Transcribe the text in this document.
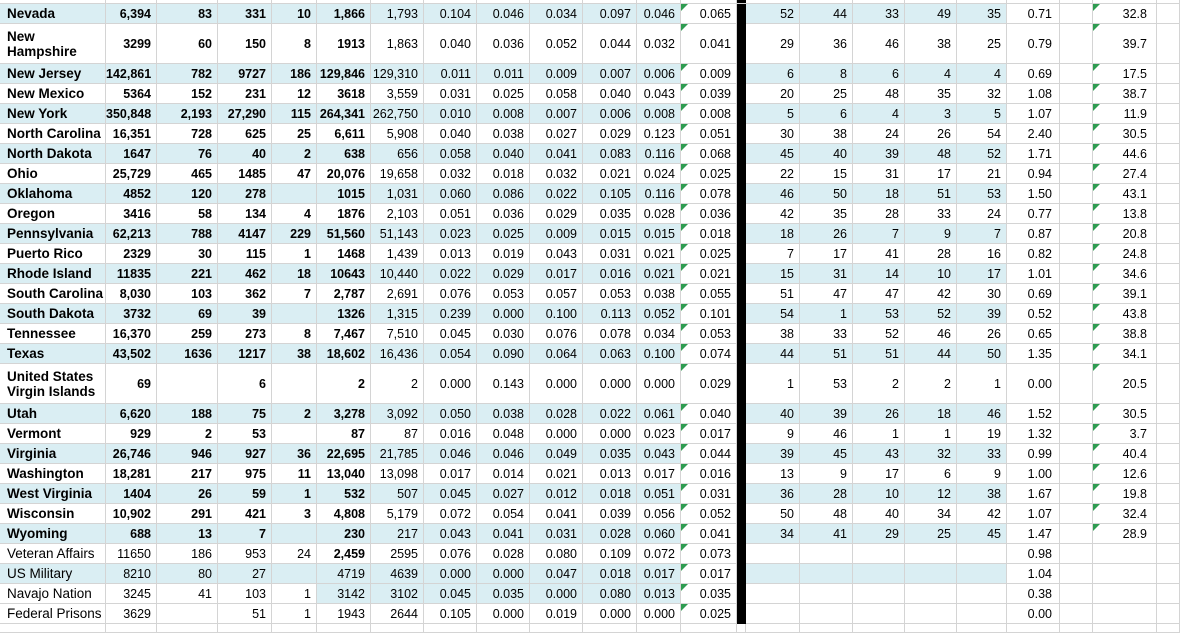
Nevada	6,394	83	331	10	1,866	1,793	0.104	0.046	0.034	0.097	0.046	0.065		52	44	33	49	35	0.71		32.8

New Hampshire	3299	60	150	8	1913	1,863	0.040	0.036	0.052	0.044	0.032	0.041		29	36	46	38	25	0.79		39.7

New Jersey	142,861	782	9727	186	129,846	129,310	0.011	0.011	0.009	0.007	0.006	0.009		6	8	6	4	4	0.69		17.5

New Mexico	5364	152	231	12	3618	3,559	0.031	0.025	0.058	0.040	0.043	0.039		20	25	48	35	32	1.08		38.7

New York	350,848	2,193	27,290	115	264,341	262,750	0.010	0.008	0.007	0.006	0.008	0.008		5	6	4	3	5	1.07		11.9

North Carolina	16,351	728	625	25	6,611	5,908	0.040	0.038	0.027	0.029	0.123	0.051		30	38	24	26	54	2.40		30.5

North Dakota	1647	76	40	2	638	656	0.058	0.040	0.041	0.083	0.116	0.068		45	40	39	48	52	1.71		44.6

Ohio	25,729	465	1485	47	20,076	19,658	0.032	0.018	0.032	0.021	0.024	0.025		22	15	31	17	21	0.94		27.4

Oklahoma	4852	120	278		1015	1,031	0.060	0.086	0.022	0.105	0.116	0.078		46	50	18	51	53	1.50		43.1

Oregon	3416	58	134	4	1876	2,103	0.051	0.036	0.029	0.035	0.028	0.036		42	35	28	33	24	0.77		13.8

Pennsylvania	62,213	788	4147	229	51,560	51,143	0.023	0.025	0.009	0.015	0.015	0.018		18	26	7	9	7	0.87		20.8

Puerto Rico	2329	30	115	1	1468	1,439	0.013	0.019	0.043	0.031	0.021	0.025		7	17	41	28	16	0.82		24.8

Rhode Island	11835	221	462	18	10643	10,440	0.022	0.029	0.017	0.016	0.021	0.021		15	31	14	10	17	1.01		34.6

South Carolina	8,030	103	362	7	2,787	2,691	0.076	0.053	0.057	0.053	0.038	0.055		51	47	47	42	30	0.69		39.1

South Dakota	3732	69	39		1326	1,315	0.239	0.000	0.100	0.113	0.052	0.101		54	1	53	52	39	0.52		43.8

Tennessee	16,370	259	273	8	7,467	7,510	0.045	0.030	0.076	0.078	0.034	0.053		38	33	52	46	26	0.65		38.8

Texas	43,502	1636	1217	38	18,602	16,436	0.054	0.090	0.064	0.063	0.100	0.074		44	51	51	44	50	1.35		34.1

United States Virgin Islands	69		6		2	2	0.000	0.143	0.000	0.000	0.000	0.029		1	53	2	2	1	0.00		20.5

Utah	6,620	188	75	2	3,278	3,092	0.050	0.038	0.028	0.022	0.061	0.040		40	39	26	18	46	1.52		30.5

Vermont	929	2	53		87	87	0.016	0.048	0.000	0.000	0.023	0.017		9	46	1	1	19	1.32		3.7

Virginia	26,746	946	927	36	22,695	21,785	0.046	0.046	0.049	0.035	0.043	0.044		39	45	43	32	33	0.99		40.4

Washington	18,281	217	975	11	13,040	13,098	0.017	0.014	0.021	0.013	0.017	0.016		13	9	17	6	9	1.00		12.6

West Virginia	1404	26	59	1	532	507	0.045	0.027	0.012	0.018	0.051	0.031		36	28	10	12	38	1.67		19.8

Wisconsin	10,902	291	421	3	4,808	5,179	0.072	0.054	0.041	0.039	0.056	0.052		50	48	40	34	42	1.07		32.4

Wyoming	688	13	7		230	217	0.043	0.041	0.031	0.028	0.060	0.041		34	41	29	25	45	1.47		28.9

Veteran Affairs	11650	186	953	24	2,459	2595	0.076	0.028	0.080	0.109	0.072	0.073							0.98			
US Military	8210	80	27		4719	4639	0.000	0.000	0.047	0.018	0.017	0.017							1.04			
Navajo Nation	3245	41	103	1	3142	3102	0.045	0.035	0.000	0.080	0.013	0.035							0.38			
Federal Prisons	3629		51	1	1943	2644	0.105	0.000	0.019	0.000	0.000	0.025							0.00			
